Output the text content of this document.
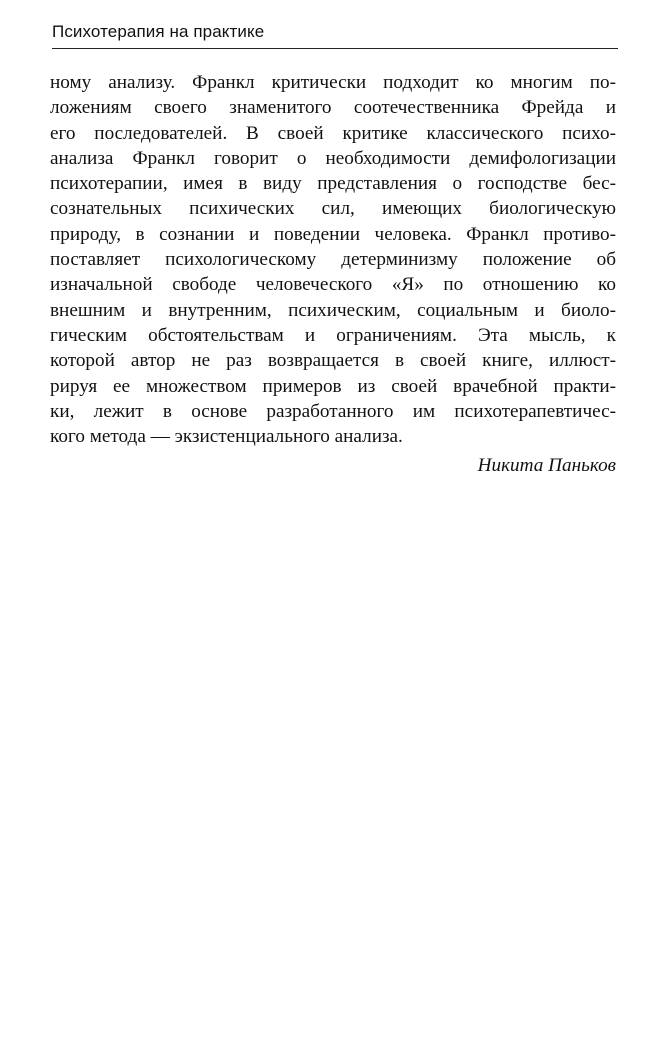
Психотерапия на практике
ному анализу. Франкл критически подходит ко многим по-
ложениям своего знаменитого соотечественника Фрейда и
его последователей. В своей критике классического психо-
анализа Франкл говорит о необходимости демифологизации
психотерапии, имея в виду представления о господстве бес-
сознательных психических сил, имеющих биологическую
природу, в сознании и поведении человека. Франкл противо-
поставляет психологическому детерминизму положение об
изначальной свободе человеческого «Я» по отношению ко
внешним и внутренним, психическим, социальным и биоло-
гическим обстоятельствам и ограничениям. Эта мысль, к
которой автор не раз возвращается в своей книге, иллюст-
рируя ее множеством примеров из своей врачебной практи-
ки, лежит в основе разработанного им психотерапевтичес-
кого метода — экзистенциального анализа.
Никита Паньков
